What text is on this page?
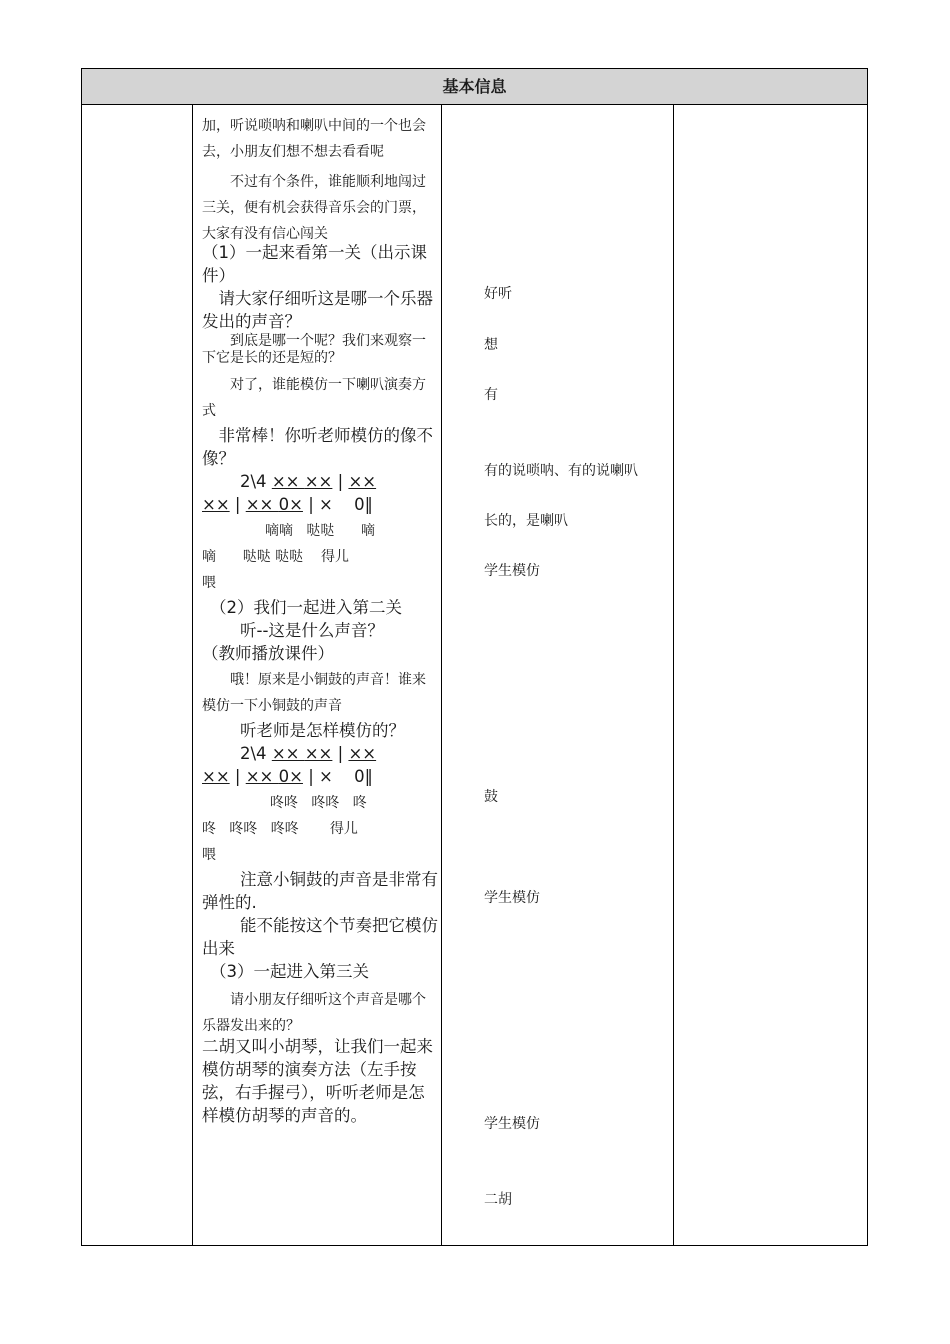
基本信息

加，听说唢呐和喇叭中间的一个也会去，小朋友们想不想去看看呢

不过有个条件，谁能顺利地闯过三关，便有机会获得音乐会的门票，大家有没有信心闯关

（1）一起来看第一关（出示课件）

请大家仔细听这是哪一个乐器发出的声音？

到底是哪一个呢？我们来观察一下它是长的还是短的？

对了，谁能模仿一下喇叭演奏方式

非常棒！你听老师模仿的像不像？

2\4 ×× ×× | ××
×× | ×× 0× | × 0‖

嘀嘀   哒哒      嘀

嘀      哒哒 哒哒    得儿

喂

（2）我们一起进入第二关

听--这是什么声音？

（教师播放课件）

哦！原来是小铜鼓的声音！谁来模仿一下小铜鼓的声音

听老师是怎样模仿的？

2\4 ×× ×× | ××
×× | ×× 0× | × 0‖

咚咚   咚咚   咚

咚   咚咚   咚咚       得儿

喂

注意小铜鼓的声音是非常有弹性的.

能不能按这个节奏把它模仿出来

（3）一起进入第三关

请小朋友仔细听这个声音是哪个乐器发出来的？

二胡又叫小胡琴，让我们一起来模仿胡琴的演奏方法（左手按弦，右手握弓），听听老师是怎样模仿胡琴的声音的。

好听
想
有
有的说唢呐、有的说喇叭
长的，是喇叭
学生模仿
鼓
学生模仿
学生模仿
二胡
